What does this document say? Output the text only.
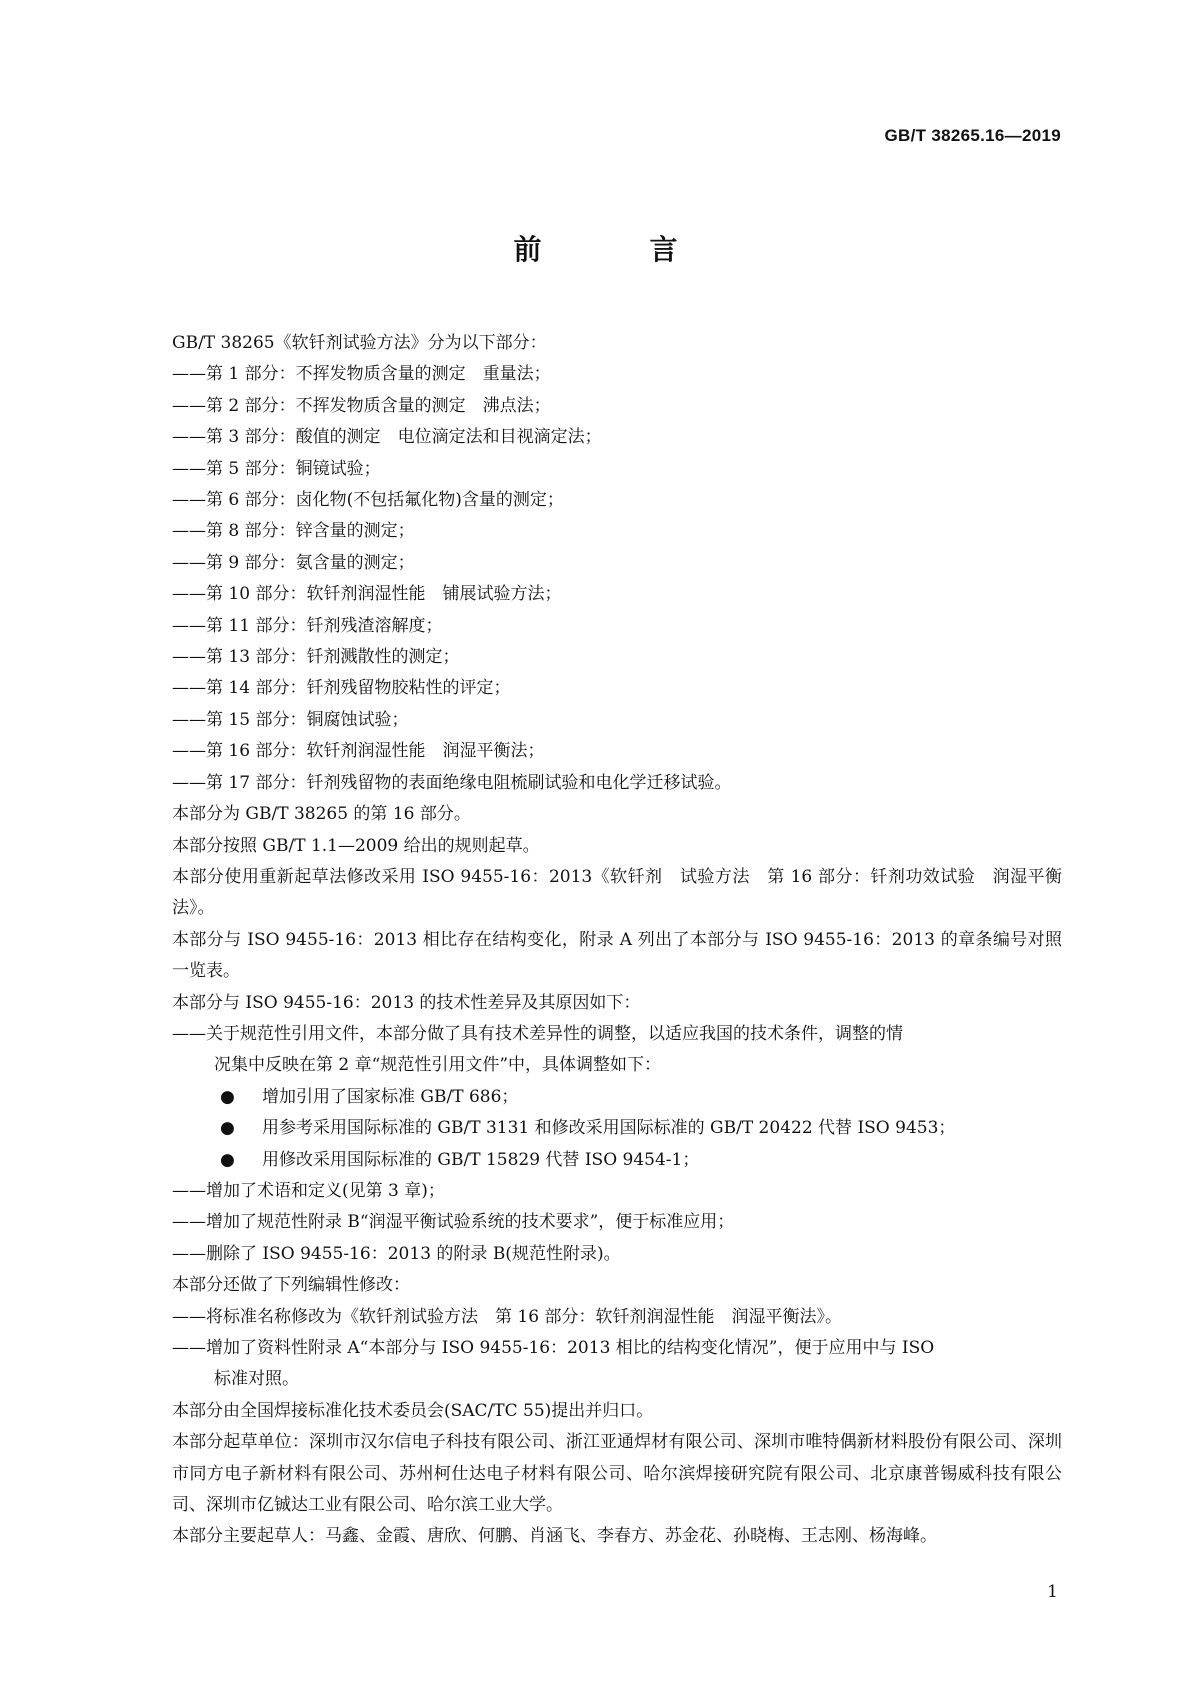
GB/T 38265.16—2019
前　言

GB/T 38265《软钎剂试验方法》分为以下部分：

——第 1 部分：不挥发物质含量的测定　重量法；

——第 2 部分：不挥发物质含量的测定　沸点法；

——第 3 部分：酸值的测定　电位滴定法和目视滴定法；

——第 5 部分：铜镜试验；

——第 6 部分：卤化物(不包括氟化物)含量的测定；

——第 8 部分：锌含量的测定；

——第 9 部分：氨含量的测定；

——第 10 部分：软钎剂润湿性能　铺展试验方法；

——第 11 部分：钎剂残渣溶解度；

——第 13 部分：钎剂溅散性的测定；

——第 14 部分：钎剂残留物胶粘性的评定；

——第 15 部分：铜腐蚀试验；

——第 16 部分：软钎剂润湿性能　润湿平衡法；

——第 17 部分：钎剂残留物的表面绝缘电阻梳刷试验和电化学迁移试验。

本部分为 GB/T 38265 的第 16 部分。

本部分按照 GB/T 1.1—2009 给出的规则起草。

本部分使用重新起草法修改采用 ISO 9455-16：2013《软钎剂　试验方法　第 16 部分：钎剂功效试验　润湿平衡法》。

本部分与 ISO 9455-16：2013 相比存在结构变化，附录 A 列出了本部分与 ISO 9455-16：2013 的章条编号对照一览表。

本部分与 ISO 9455-16：2013 的技术性差异及其原因如下：

——关于规范性引用文件，本部分做了具有技术差异性的调整，以适应我国的技术条件，调整的情

况集中反映在第 2 章“规范性引用文件”中，具体调整如下：

● 增加引用了国家标准 GB/T 686；

● 用参考采用国际标准的 GB/T 3131 和修改采用国际标准的 GB/T 20422 代替 ISO 9453；

● 用修改采用国际标准的 GB/T 15829 代替 ISO 9454-1；

——增加了术语和定义(见第 3 章)；

——增加了规范性附录 B“润湿平衡试验系统的技术要求”，便于标准应用；

——删除了 ISO 9455-16：2013 的附录 B(规范性附录)。

本部分还做了下列编辑性修改：

——将标准名称修改为《软钎剂试验方法　第 16 部分：软钎剂润湿性能　润湿平衡法》。

——增加了资料性附录 A“本部分与 ISO 9455-16：2013 相比的结构变化情况”，便于应用中与 ISO

标准对照。

本部分由全国焊接标准化技术委员会(SAC/TC 55)提出并归口。

本部分起草单位：深圳市汉尔信电子科技有限公司、浙江亚通焊材有限公司、深圳市唯特偶新材料股份有限公司、深圳市同方电子新材料有限公司、苏州柯仕达电子材料有限公司、哈尔滨焊接研究院有限公司、北京康普锡威科技有限公司、深圳市亿铖达工业有限公司、哈尔滨工业大学。

本部分主要起草人：马鑫、金霞、唐欣、何鹏、肖涵飞、李春方、苏金花、孙晓梅、王志刚、杨海峰。

1
